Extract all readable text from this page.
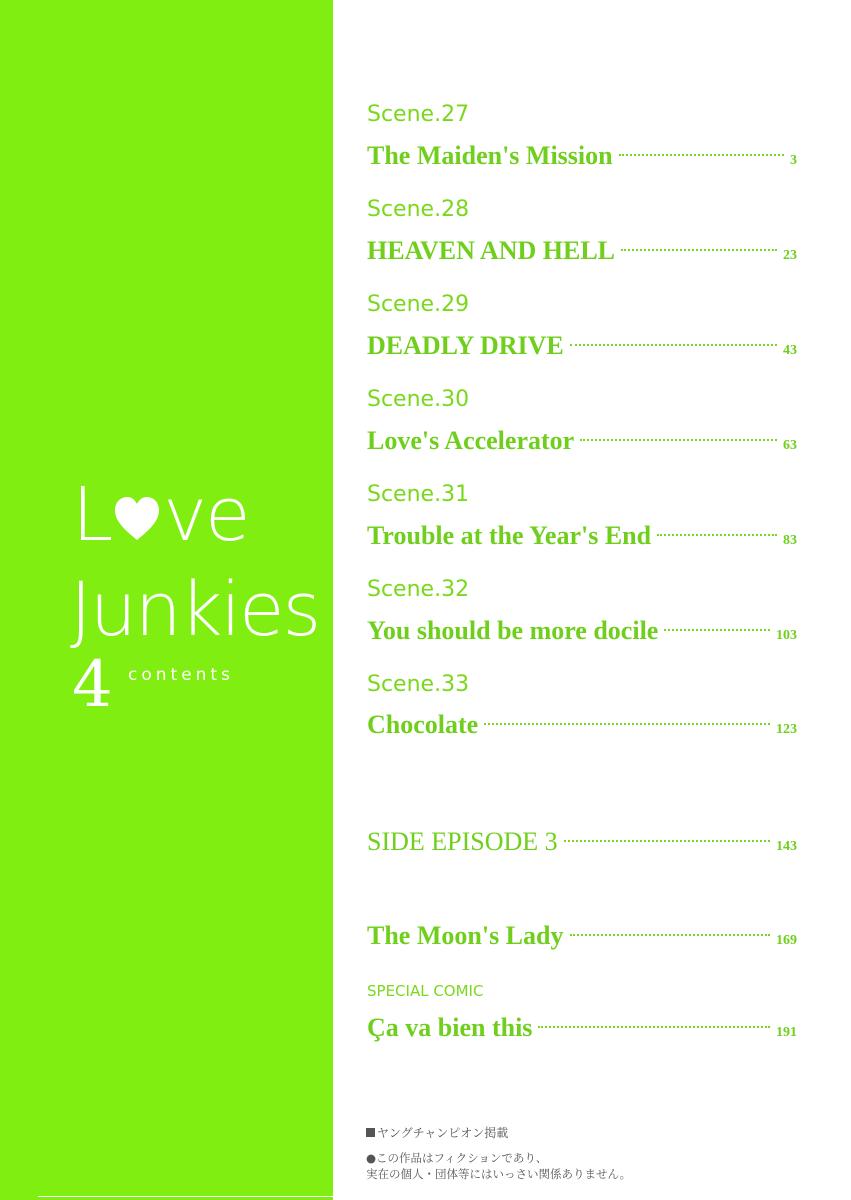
L ve
Junkies
4 contents
Scene.27
The Maiden's Mission	3
Scene.28
HEAVEN AND HELL	23
Scene.29
DEADLY DRIVE	43
Scene.30
Love's Accelerator	63
Scene.31
Trouble at the Year's End	83
Scene.32
You should be more docile	103
Scene.33
Chocolate	123
SIDE EPISODE 3	143
The Moon's Lady	169
SPECIAL COMIC
Ça va bien this	191
ヤングチャンピオン掲載
●この作品はフィクションであり、
実在の個人・団体等にはいっさい関係ありません。
